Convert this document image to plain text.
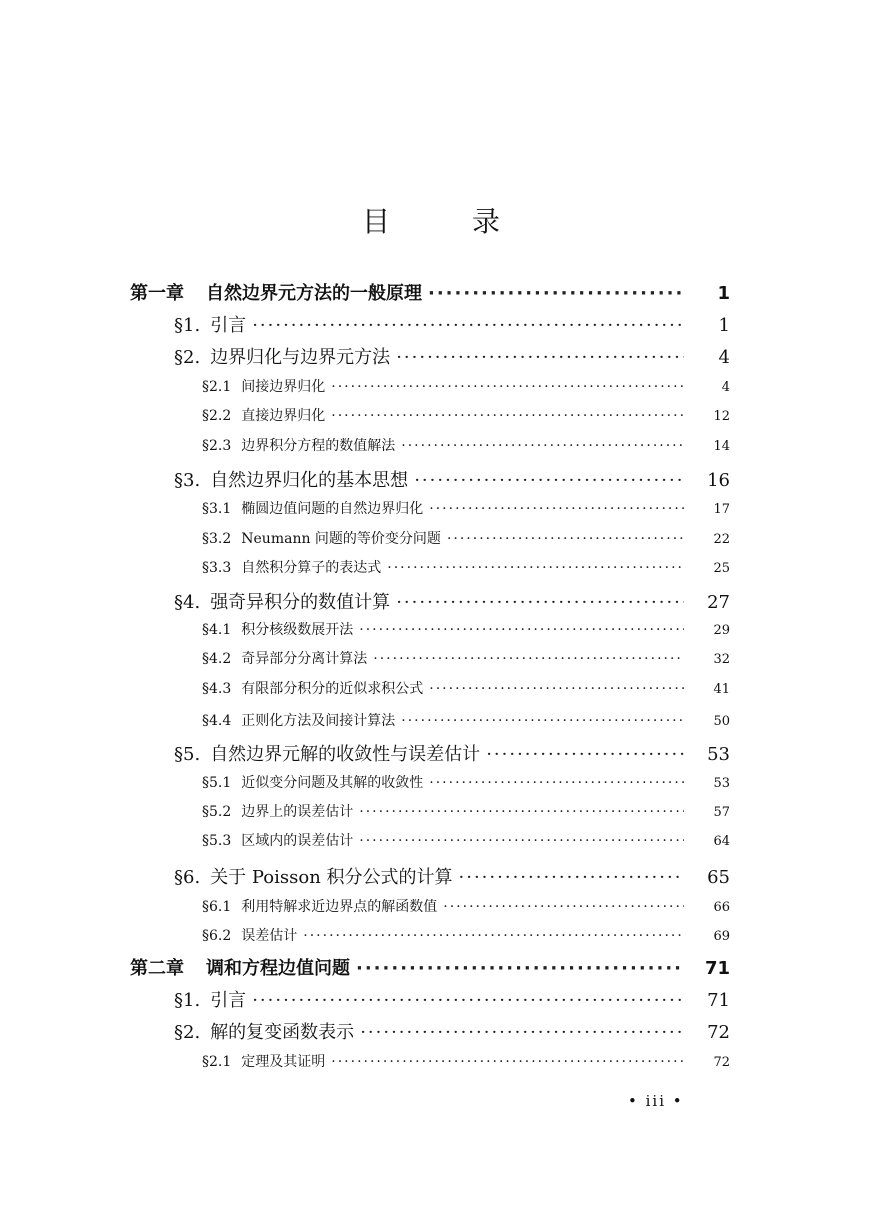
目	录
第一章 自然边界元方法的一般原理 ·····	1
§1. 引言 ·····	1
§2. 边界归化与边界元方法 ·····	4
§2.1 间接边界归化 ·····	4
§2.2 直接边界归化 ·····	12
§2.3 边界积分方程的数值解法 ·····	14
§3. 自然边界归化的基本思想 ·····	16
§3.1 椭圆边值问题的自然边界归化 ·····	17
§3.2 Neumann 问题的等价变分问题 ·····	22
§3.3 自然积分算子的表达式 ·····	25
§4. 强奇异积分的数值计算 ·····	27
§4.1 积分核级数展开法 ·····	29
§4.2 奇异部分分离计算法 ·····	32
§4.3 有限部分积分的近似求积公式 ·····	41
§4.4 正则化方法及间接计算法 ·····	50
§5. 自然边界元解的收敛性与误差估计 ·····	53
§5.1 近似变分问题及其解的收敛性 ·····	53
§5.2 边界上的误差估计 ·····	57
§5.3 区域内的误差估计 ·····	64
§6. 关于 Poisson 积分公式的计算 ·····	65
§6.1 利用特解求近边界点的解函数值 ·····	66
§6.2 误差估计 ·····	69
第二章 调和方程边值问题 ·····	71
§1. 引言 ·····	71
§2. 解的复变函数表示 ·····	72
§2.1 定理及其证明 ·····	72
• iii •
